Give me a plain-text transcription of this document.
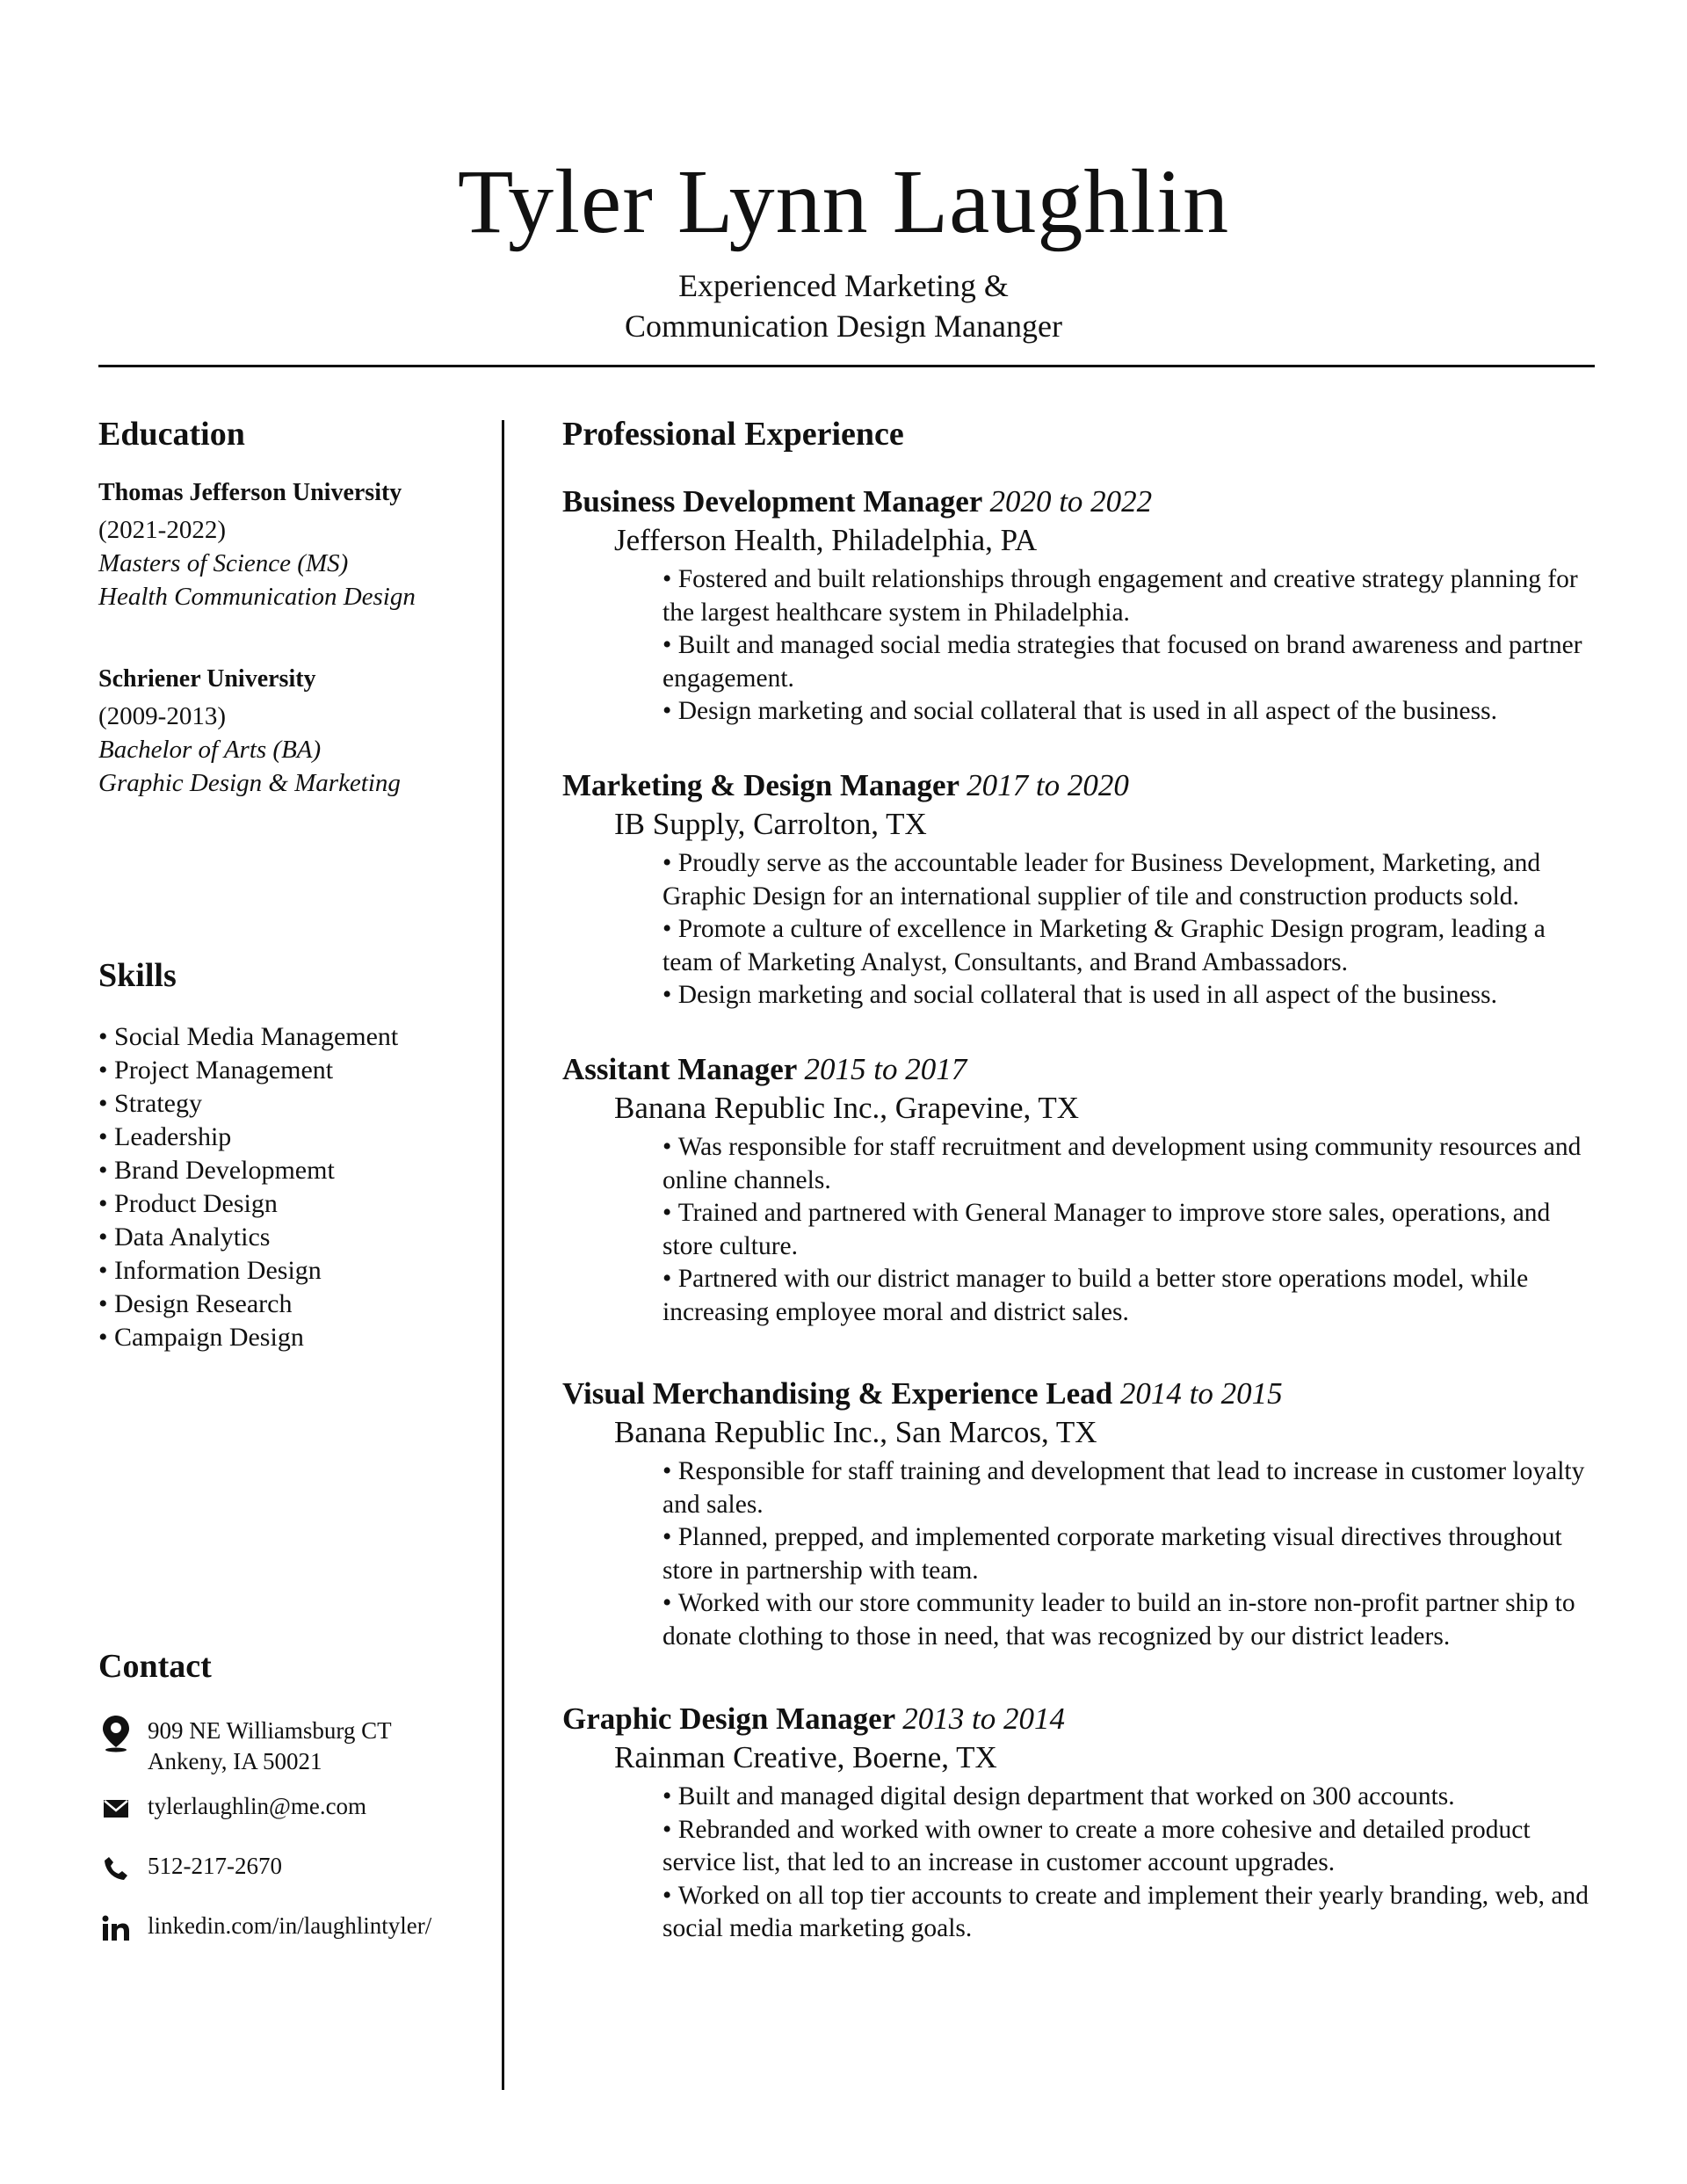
Tyler Lynn Laughlin
Experienced Marketing &
Communication Design Mananger
Education
Thomas Jefferson University
(2021-2022)
Masters of Science (MS)
Health Communication Design
Schriener University
(2009-2013)
Bachelor of Arts (BA)
Graphic Design & Marketing
Skills
• Social Media Management
• Project Management
• Strategy
• Leadership
• Brand Developmemt
• Product Design
• Data Analytics
• Information Design
• Design Research
• Campaign Design
Contact
909 NE Williamsburg CT
Ankeny, IA 50021
tylerlaughlin@me.com
512-217-2670
linkedin.com/in/laughlintyler/
Professional Experience
Business Development Manager 2020 to 2022
Jefferson Health, Philadelphia, PA
• Fostered and built relationships through engagement and creative strategy planning for the largest healthcare system in Philadelphia.
• Built and managed social media strategies that focused on brand awareness and partner engagement.
• Design marketing and social collateral that is used in all aspect of the business.
Marketing & Design Manager 2017 to 2020
IB Supply, Carrolton, TX
• Proudly serve as the accountable leader for Business Development, Marketing, and Graphic Design for an international supplier of tile and construction products sold.
• Promote a culture of excellence in Marketing & Graphic Design program, leading a team of Marketing Analyst, Consultants, and Brand Ambassadors.
• Design marketing and social collateral that is used in all aspect of the business.
Assitant Manager 2015 to 2017
Banana Republic Inc., Grapevine, TX
• Was responsible for staff recruitment and development using community resources and online channels.
• Trained and partnered with General Manager to improve store sales, operations, and store culture.
• Partnered with our district manager to build a better store operations model, while increasing employee moral and district sales.
Visual Merchandising & Experience Lead 2014 to 2015
Banana Republic Inc., San Marcos, TX
• Responsible for staff training and development that lead to increase in customer loyalty and sales.
• Planned, prepped, and implemented corporate marketing visual directives throughout store in partnership with team.
• Worked with our store community leader to build an in-store non-profit partner ship to donate clothing to those in need, that was recognized by our district leaders.
Graphic Design Manager 2013 to 2014
Rainman Creative, Boerne, TX
• Built and managed digital design department that worked on 300 accounts.
• Rebranded and worked with owner to create a more cohesive and detailed product service list, that led to an increase in customer account upgrades.
• Worked on all top tier accounts to create and implement their yearly branding, web, and social media marketing goals.
